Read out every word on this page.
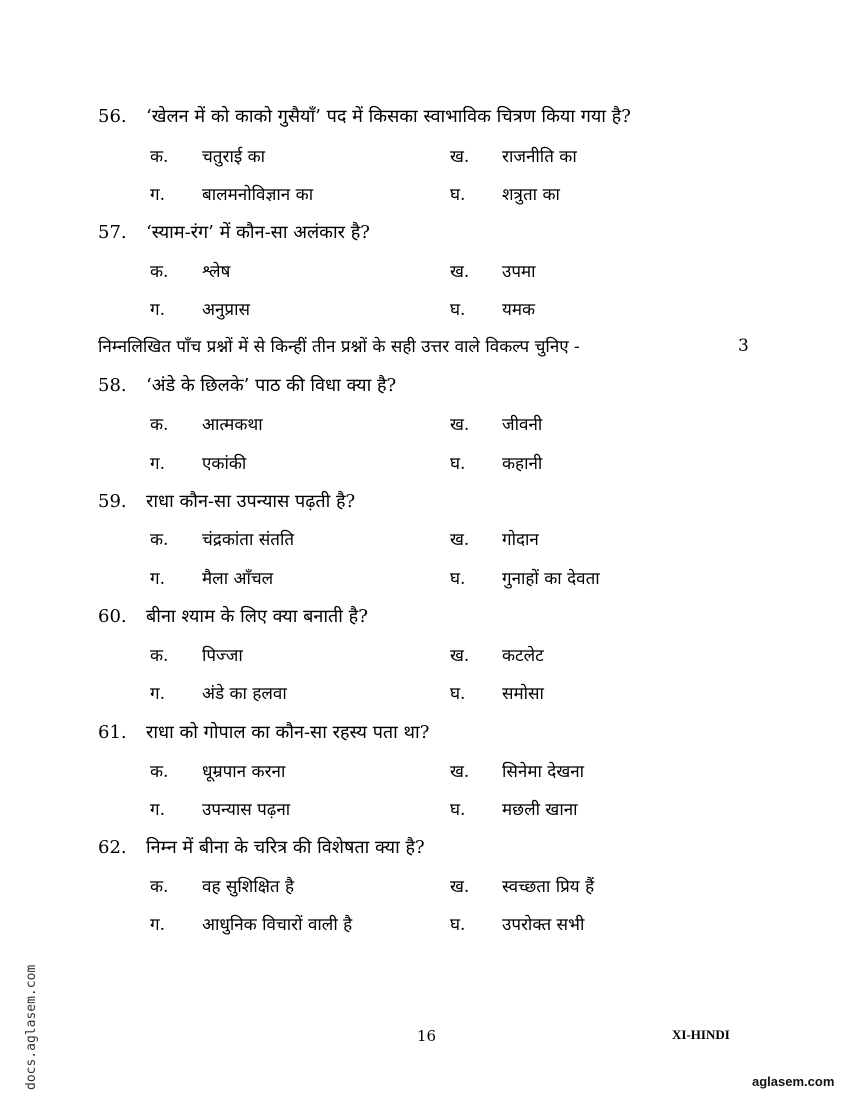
56. ‘खेलन में को काको गुसैयाँ’ पद में किसका स्वाभाविक चित्रण किया गया है?
क. चतुराई का	ख. राजनीति का
ग. बालमनोविज्ञान का	घ. शत्रुता का
57. ‘स्याम-रंग’ में कौन-सा अलंकार है?
क. श्लेष	ख. उपमा
ग. अनुप्रास	घ. यमक
निम्नलिखित पाँच प्रश्नों में से किन्हीं तीन प्रश्नों के सही उत्तर वाले विकल्प चुनिए -	3
58. ‘अंडे के छिलके’ पाठ की विधा क्या है?
क. आत्मकथा	ख. जीवनी
ग. एकांकी	घ. कहानी
59. राधा कौन-सा उपन्यास पढ़ती है?
क. चंद्रकांता संतति	ख. गोदान
ग. मैला आँचल	घ. गुनाहों का देवता
60. बीना श्याम के लिए क्या बनाती है?
क. पिज्जा	ख. कटलेट
ग. अंडे का हलवा	घ. समोसा
61. राधा को गोपाल का कौन-सा रहस्य पता था?
क. धूम्रपान करना	ख. सिनेमा देखना
ग. उपन्यास पढ़ना	घ. मछली खाना
62. निम्न में बीना के चरित्र की विशेषता क्या है?
क. वह सुशिक्षित है	ख. स्वच्छता प्रिय हैं
ग. आधुनिक विचारों वाली है	घ. उपरोक्त सभी
16	XI-HINDI
docs.aglasem.com	aglasem.com
